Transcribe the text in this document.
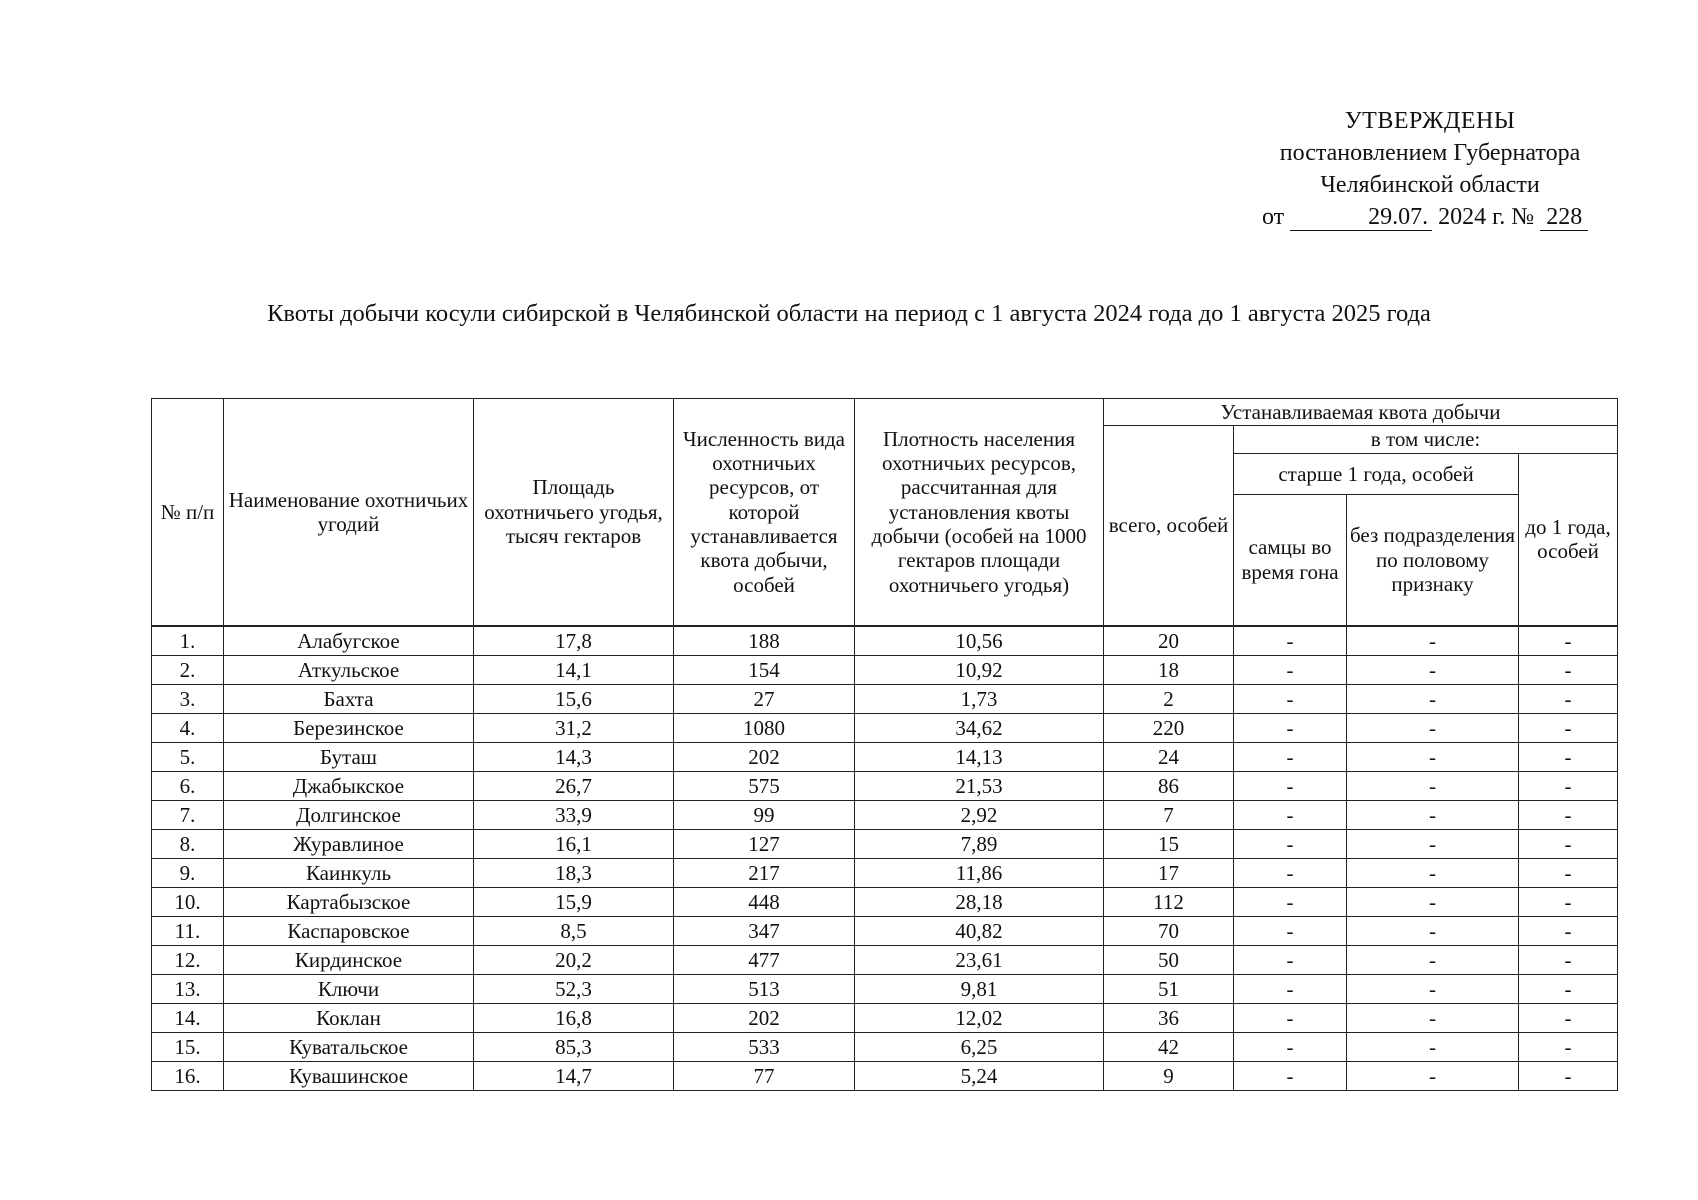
УТВЕРЖДЕНЫ
постановлением Губернатора
Челябинской области
от	29.07. 2024 г. № 228
Квоты добычи косули сибирской в Челябинской области на период с 1 августа 2024 года до 1 августа 2025 года
№ п/п	Наименование охотничьих угодий	Площадь охотничьего угодья, тысяч гектаров	Численность вида охотничьих ресурсов, от которой устанавливается квота добычи, особей	Плотность населения охотничьих ресурсов, рассчитанная для установления квоты добычи (особей на 1000 гектаров площади охотничьего угодья)	Устанавливаемая квота добычи			
					всего, особей	в том числе:		
						старше 1 года, особей		до 1 года, особей
						самцы во время гона	без подразделения по половому признаку	
1.	Алабугское	17,8	188	10,56	20	-	-	-
2.	Аткульское	14,1	154	10,92	18	-	-	-
3.	Бахта	15,6	27	1,73	2	-	-	-
4.	Березинское	31,2	1080	34,62	220	-	-	-
5.	Буташ	14,3	202	14,13	24	-	-	-
6.	Джабыкское	26,7	575	21,53	86	-	-	-
7.	Долгинское	33,9	99	2,92	7	-	-	-
8.	Журавлиное	16,1	127	7,89	15	-	-	-
9.	Каинкуль	18,3	217	11,86	17	-	-	-
10.	Картабызское	15,9	448	28,18	112	-	-	-
11.	Каспаровское	8,5	347	40,82	70	-	-	-
12.	Кирдинское	20,2	477	23,61	50	-	-	-
13.	Ключи	52,3	513	9,81	51	-	-	-
14.	Коклан	16,8	202	12,02	36	-	-	-
15.	Куватальское	85,3	533	6,25	42	-	-	-
16.	Кувашинское	14,7	77	5,24	9	-	-	-
